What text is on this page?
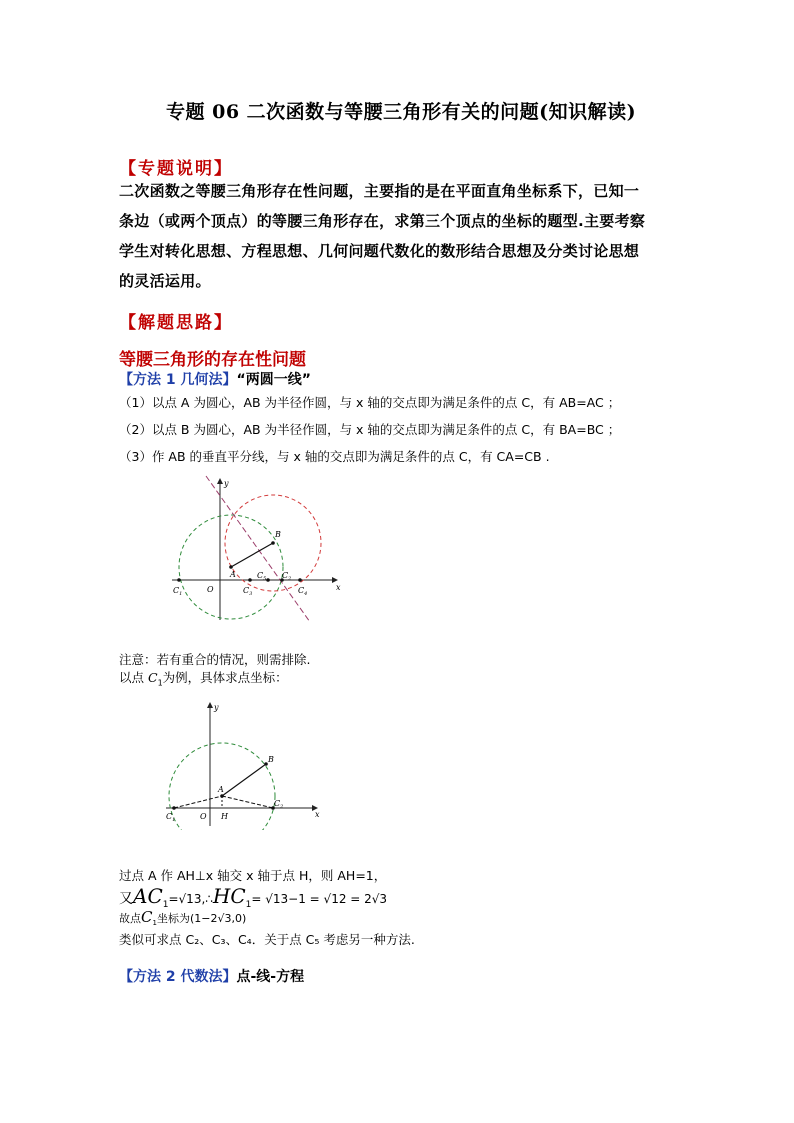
专题 06 二次函数与等腰三角形有关的问题(知识解读)
【专题说明】
二次函数之等腰三角形存在性问题，主要指的是在平面直角坐标系下，已知一
条边（或两个顶点）的等腰三角形存在，求第三个顶点的坐标的题型.主要考察
学生对转化思想、方程思想、几何问题代数化的数形结合思想及分类讨论思想
的灵活运用。
【解题思路】
等腰三角形的存在性问题
【方法 1 几何法】“两圆一线”
（1）以点 A 为圆心，AB 为半径作圆，与 x 轴的交点即为满足条件的点 C，有 AB=AC ；
（2）以点 B 为圆心，AB 为半径作圆，与 x 轴的交点即为满足条件的点 C，有 BA=BC ；
（3）作 AB 的垂直平分线，与 x 轴的交点即为满足条件的点 C，有 CA=CB .
y
x
O
A
B
$C_1$
$C_2$
$C_3$	$C_4$
$C_5$
注意：若有重合的情况，则需排除.
以点 $C_1$为例，具体求点坐标：
y
x
O
A
B
H
$C_1$
$C_2$
过点 A 作 AH⊥x 轴交 x 轴于点 H，则 AH=1，
又$AC_1=√13,\therefore HC_1= √13-1 = √12 = 2√3$
故点$C_1$坐标为(1−2√3,0)
类似可求点 C₂、C₃、C₄．关于点 C₅ 考虑另一种方法.
【方法 2 代数法】点-线-方程
